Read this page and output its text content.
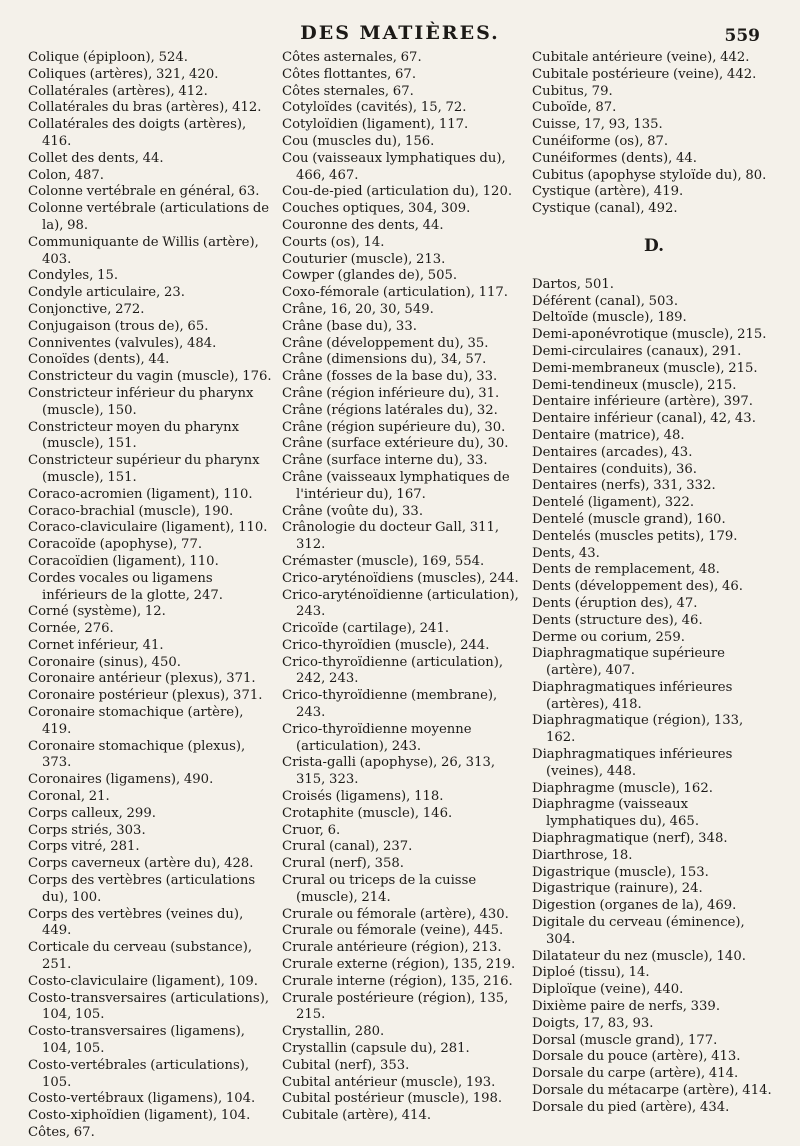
DES MATIÈRES.	559
Colique (épiploon), 524.
Coliques (artères), 321, 420.
Collatérales (artères), 412.
Collatérales du bras (artères), 412.
Collatérales des doigts (artères), 416.
Collet des dents, 44.
Colon, 487.
Colonne vertébrale en général, 63.
Colonne vertébrale (articulations de la), 98.
Communiquante de Willis (artère), 403.
Condyles, 15.
Condyle articulaire, 23.
Conjonctive, 272.
Conjugaison (trous de), 65.
Conniventes (valvules), 484.
Conoïdes (dents), 44.
Constricteur du vagin (muscle), 176.
Constricteur inférieur du pharynx (muscle), 150.
Constricteur moyen du pharynx (muscle), 151.
Constricteur supérieur du pharynx (muscle), 151.
Coraco-acromien (ligament), 110.
Coraco-brachial (muscle), 190.
Coraco-claviculaire (ligament), 110.
Coracoïde (apophyse), 77.
Coracoïdien (ligament), 110.
Cordes vocales ou ligamens inférieurs de la glotte, 247.
Corné (système), 12.
Cornée, 276.
Cornet inférieur, 41.
Coronaire (sinus), 450.
Coronaire antérieur (plexus), 371.
Coronaire postérieur (plexus), 371.
Coronaire stomachique (artère), 419.
Coronaire stomachique (plexus), 373.
Coronaires (ligamens), 490.
Coronal, 21.
Corps calleux, 299.
Corps striés, 303.
Corps vitré, 281.
Corps caverneux (artère du), 428.
Corps des vertèbres (articulations du), 100.
Corps des vertèbres (veines du), 449.
Corticale du cerveau (substance), 251.
Costo-claviculaire (ligament), 109.
Costo-transversaires (articulations), 104, 105.
Costo-transversaires (ligamens), 104, 105.
Costo-vertébrales (articulations), 105.
Costo-vertébraux (ligamens), 104.
Costo-xiphoïdien (ligament), 104.
Côtes, 67.
Côtes asternales, 67.
Côtes flottantes, 67.
Côtes sternales, 67.
Cotyloïdes (cavités), 15, 72.
Cotyloïdien (ligament), 117.
Cou (muscles du), 156.
Cou (vaisseaux lymphatiques du), 466, 467.
Cou-de-pied (articulation du), 120.
Couches optiques, 304, 309.
Couronne des dents, 44.
Courts (os), 14.
Couturier (muscle), 213.
Cowper (glandes de), 505.
Coxo-fémorale (articulation), 117.
Crâne, 16, 20, 30, 549.
Crâne (base du), 33.
Crâne (développement du), 35.
Crâne (dimensions du), 34, 57.
Crâne (fosses de la base du), 33.
Crâne (région inférieure du), 31.
Crâne (régions latérales du), 32.
Crâne (région supérieure du), 30.
Crâne (surface extérieure du), 30.
Crâne (surface interne du), 33.
Crâne (vaisseaux lymphatiques de l'intérieur du), 167.
Crâne (voûte du), 33.
Crânologie du docteur Gall, 311, 312.
Crémaster (muscle), 169, 554.
Crico-aryténoïdiens (muscles), 244.
Crico-aryténoïdienne (articulation), 243.
Cricoïde (cartilage), 241.
Crico-thyroïdien (muscle), 244.
Crico-thyroïdienne (articulation), 242, 243.
Crico-thyroïdienne (membrane), 243.
Crico-thyroïdienne moyenne (articulation), 243.
Crista-galli (apophyse), 26, 313, 315, 323.
Croisés (ligamens), 118.
Crotaphite (muscle), 146.
Cruor, 6.
Crural (canal), 237.
Crural (nerf), 358.
Crural ou triceps de la cuisse (muscle), 214.
Crurale ou fémorale (artère), 430.
Crurale ou fémorale (veine), 445.
Crurale antérieure (région), 213.
Crurale externe (région), 135, 219.
Crurale interne (région), 135, 216.
Crurale postérieure (région), 135, 215.
Crystallin, 280.
Crystallin (capsule du), 281.
Cubital (nerf), 353.
Cubital antérieur (muscle), 193.
Cubital postérieur (muscle), 198.
Cubitale (artère), 414.
Cubitale antérieure (veine), 442.
Cubitale postérieure (veine), 442.
Cubitus, 79.
Cuboïde, 87.
Cuisse, 17, 93, 135.
Cunéiforme (os), 87.
Cunéiformes (dents), 44.
Cubitus (apophyse styloïde du), 80.
Cystique (artère), 419.
Cystique (canal), 492.
D.
Dartos, 501.
Déférent (canal), 503.
Deltoïde (muscle), 189.
Demi-aponévrotique (muscle), 215.
Demi-circulaires (canaux), 291.
Demi-membraneux (muscle), 215.
Demi-tendineux (muscle), 215.
Dentaire inférieure (artère), 397.
Dentaire inférieur (canal), 42, 43.
Dentaire (matrice), 48.
Dentaires (arcades), 43.
Dentaires (conduits), 36.
Dentaires (nerfs), 331, 332.
Dentelé (ligament), 322.
Dentelé (muscle grand), 160.
Dentelés (muscles petits), 179.
Dents, 43.
Dents de remplacement, 48.
Dents (développement des), 46.
Dents (éruption des), 47.
Dents (structure des), 46.
Derme ou corium, 259.
Diaphragmatique supérieure (artère), 407.
Diaphragmatiques inférieures (artères), 418.
Diaphragmatique (région), 133, 162.
Diaphragmatiques inférieures (veines), 448.
Diaphragme (muscle), 162.
Diaphragme (vaisseaux lymphatiques du), 465.
Diaphragmatique (nerf), 348.
Diarthrose, 18.
Digastrique (muscle), 153.
Digastrique (rainure), 24.
Digestion (organes de la), 469.
Digitale du cerveau (éminence), 304.
Dilatateur du nez (muscle), 140.
Diploé (tissu), 14.
Diploïque (veine), 440.
Dixième paire de nerfs, 339.
Doigts, 17, 83, 93.
Dorsal (muscle grand), 177.
Dorsale du pouce (artère), 413.
Dorsale du carpe (artère), 414.
Dorsale du métacarpe (artère), 414.
Dorsale du pied (artère), 434.
